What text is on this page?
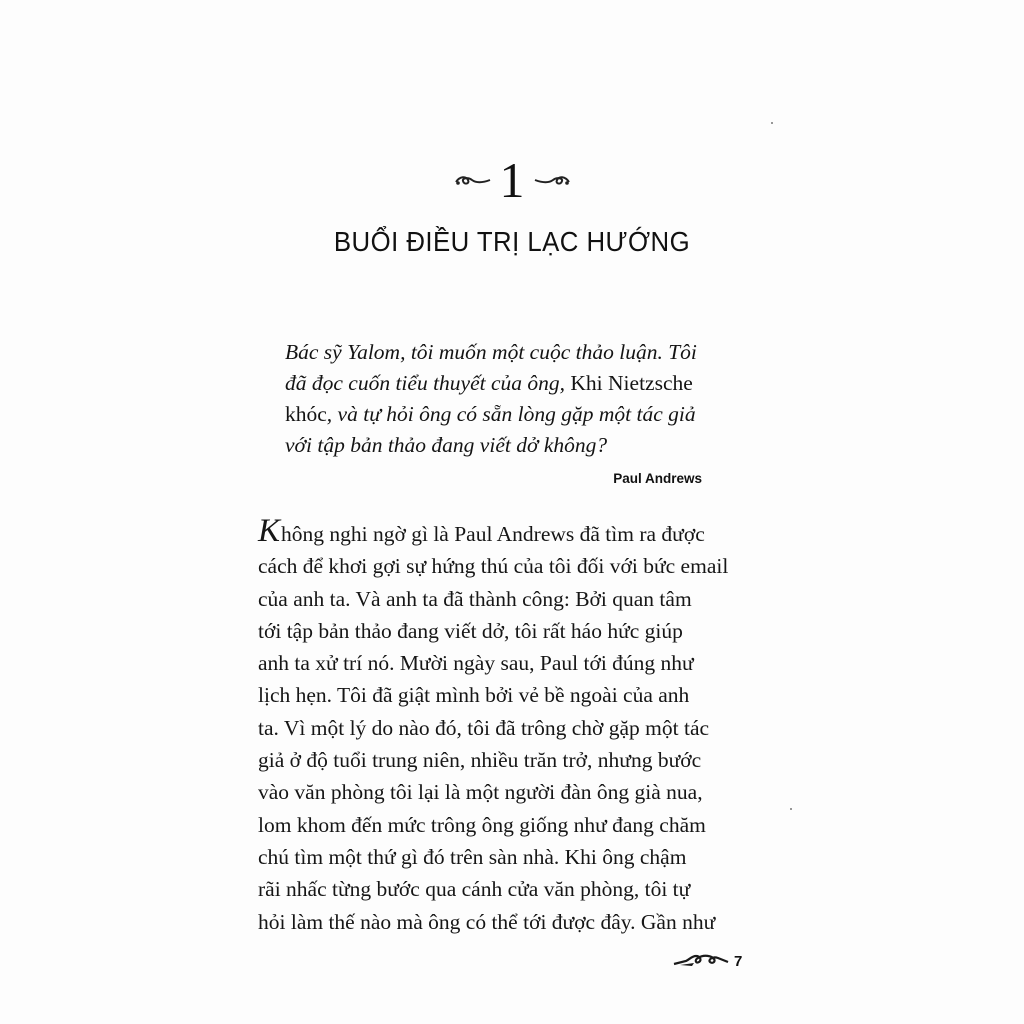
1
BUỔI ĐIỀU TRỊ LẠC HƯỚNG

Bác sỹ Yalom, tôi muốn một cuộc thảo luận. Tôi
đã đọc cuốn tiểu thuyết của ông, Khi Nietzsche
khóc, và tự hỏi ông có sẵn lòng gặp một tác giả
với tập bản thảo đang viết dở không?

Paul Andrews
Không nghi ngờ gì là Paul Andrews đã tìm ra được
cách để khơi gợi sự hứng thú của tôi đối với bức email
của anh ta. Và anh ta đã thành công: Bởi quan tâm
tới tập bản thảo đang viết dở, tôi rất háo hức giúp
anh ta xử trí nó. Mười ngày sau, Paul tới đúng như
lịch hẹn. Tôi đã giật mình bởi vẻ bề ngoài của anh
ta. Vì một lý do nào đó, tôi đã trông chờ gặp một tác
giả ở độ tuổi trung niên, nhiều trăn trở, nhưng bước
vào văn phòng tôi lại là một người đàn ông già nua,
lom khom đến mức trông ông giống như đang chăm
chú tìm một thứ gì đó trên sàn nhà. Khi ông chậm
rãi nhấc từng bước qua cánh cửa văn phòng, tôi tự
hỏi làm thế nào mà ông có thể tới được đây. Gần như
7
